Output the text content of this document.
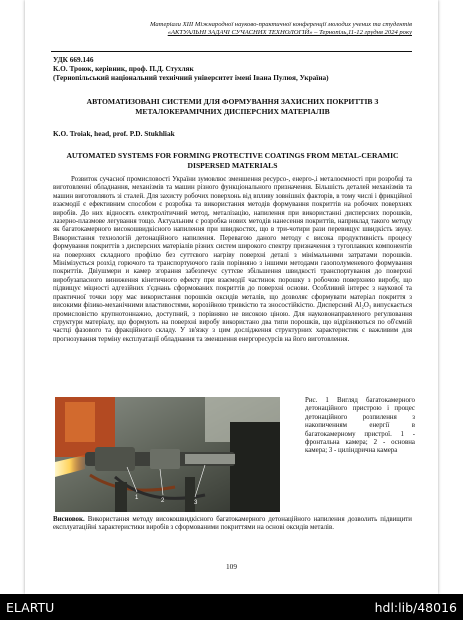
Матеріали XIII Міжнародної науково-практичної конференції молодих учених та студентів
«АКТУАЛЬНІ ЗАДАЧІ СУЧАСНИХ ТЕХНОЛОГІЙ» – Тернопіль,11-12 грудня 2024 року
УДК 669.146
К.О. Троюк, керівник, проф. П.Д. Стухляк
(Тернопільський національний технічний університет імені Івана Пулюя, Україна)
АВТОМАТИЗОВАНІ СИСТЕМИ ДЛЯ ФОРМУВАННЯ ЗАХИСНИХ ПОКРИТТІВ З МЕТАЛОКЕРАМІЧНИХ ДИСПЕРСНИХ МАТЕРІАЛІВ
K.O. Troiak, head, prof. P.D. Stukhliak
AUTOMATED SYSTEMS FOR FORMING PROTECTIVE COATINGS FROM METAL-CERAMIC DISPERSED MATERIALS
Розвиток сучасної промисловості України зумовлює зменшення ресурсо-, енерго-,і металоємності при розробці та виготовленні обладнання, механізмів та машин різного функціонального призначення. Більшість деталей механізмів та машин виготовляють зі сталей. Для захисту робочих поверхонь від впливу зовнішніх факторів, в тому числі і фрикційної взаємодії є ефективним способом є розробка та використання методів формування покриттів на робочих поверхнях виробів. До них відносять електролітичний метод, металізацію, напилення при використанні дисперсних порошків, лазерно-плазмове легування тощо. Актуальним є розробка нових методів нанесення покриттів, наприклад такого методу як багатокамерного високошвидкісного напилення при швидкостях, що в три-чотири рази перевищує швидкість звуку. Використання технологій детонаційного напилення. Перевагою даного методу є висока продуктивність процесу формування покриттів з дисперсних матеріалів різних систем широкого спектру призначення з тугоплавких компонентів на поверхнях складного профілю без суттєвого нагріву поверхні деталі з мінімальними затратами порошків. Мінімізується розхід горючого та транспортуючого газів порівняно з іншими методами газополуменевого формування покриттів. Двіушмери и камер згорання забезпечує суттєве збільшення швидкості транспортування до поверхні виробузапасного виниження кінетичного ефекту при взаємодії частинок порошку з робочою поверхнею виробу, що підвищує міцності адгезійних з'єднань сформованих покриттів до поверхні основи. Особливий інтерес з наукової та практичної точки зору має використання порошків оксидів металів, що дозволяє сформувати матеріал покриття з високими фізико-механічними властивостями, корозійною тривкістю та зносостійкістю. Дисперсний Al₂O₃ випускається промисловістю крупнотоннажно, доступний, з порівняно не високою ціною. Для науковонаправленого регулювання структури матеріалу, що формують на поверхні виробу використано два типи порошків, що відрізняються по об'ємній частці фазового та фракційного складу. У зв'язку з цим дослідження структурних характеристик є важливим для прогнозування терміну експлуатації обладнання та зменшення енергоресурсів на його виготовлення.
1	2	3
Рис. 1 Вигляд багатокамерного детонаційного пристрою і процес детонаційного розпилення з накопиченням енергії в багатокамерному пристрої. 1 - фронтальна камера; 2 - основна камера; 3 - циліндрична камера
Висновок. Використання методу високошвидкісного багатокамерного детонаційного напилення дозволить підвищити експлуатаційні характеристики виробів з сформованими покриттями на основі оксидів металів.
109
ELARTU	hdl:lib/48016
